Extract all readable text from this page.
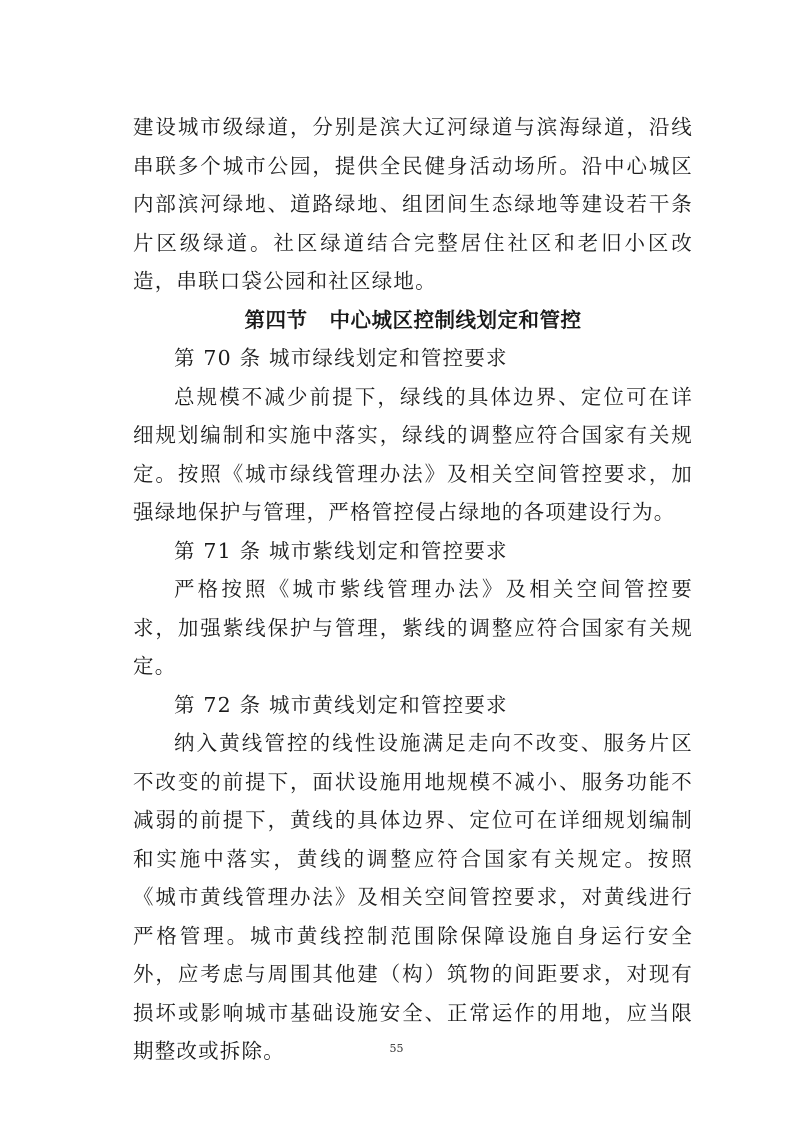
建设城市级绿道，分别是滨大辽河绿道与滨海绿道，沿线串联多个城市公园，提供全民健身活动场所。沿中心城区内部滨河绿地、道路绿地、组团间生态绿地等建设若干条片区级绿道。社区绿道结合完整居住社区和老旧小区改造，串联口袋公园和社区绿地。

第四节 中心城区控制线划定和管控

第 70 条 城市绿线划定和管控要求

总规模不减少前提下，绿线的具体边界、定位可在详细规划编制和实施中落实，绿线的调整应符合国家有关规定。按照《城市绿线管理办法》及相关空间管控要求，加强绿地保护与管理，严格管控侵占绿地的各项建设行为。

第 71 条 城市紫线划定和管控要求

严格按照《城市紫线管理办法》及相关空间管控要求，加强紫线保护与管理，紫线的调整应符合国家有关规定。

第 72 条 城市黄线划定和管控要求

纳入黄线管控的线性设施满足走向不改变、服务片区不改变的前提下，面状设施用地规模不减小、服务功能不减弱的前提下，黄线的具体边界、定位可在详细规划编制和实施中落实，黄线的调整应符合国家有关规定。按照《城市黄线管理办法》及相关空间管控要求，对黄线进行严格管理。城市黄线控制范围除保障设施自身运行安全外，应考虑与周围其他建（构）筑物的间距要求，对现有损坏或影响城市基础设施安全、正常运作的用地，应当限期整改或拆除。	55
